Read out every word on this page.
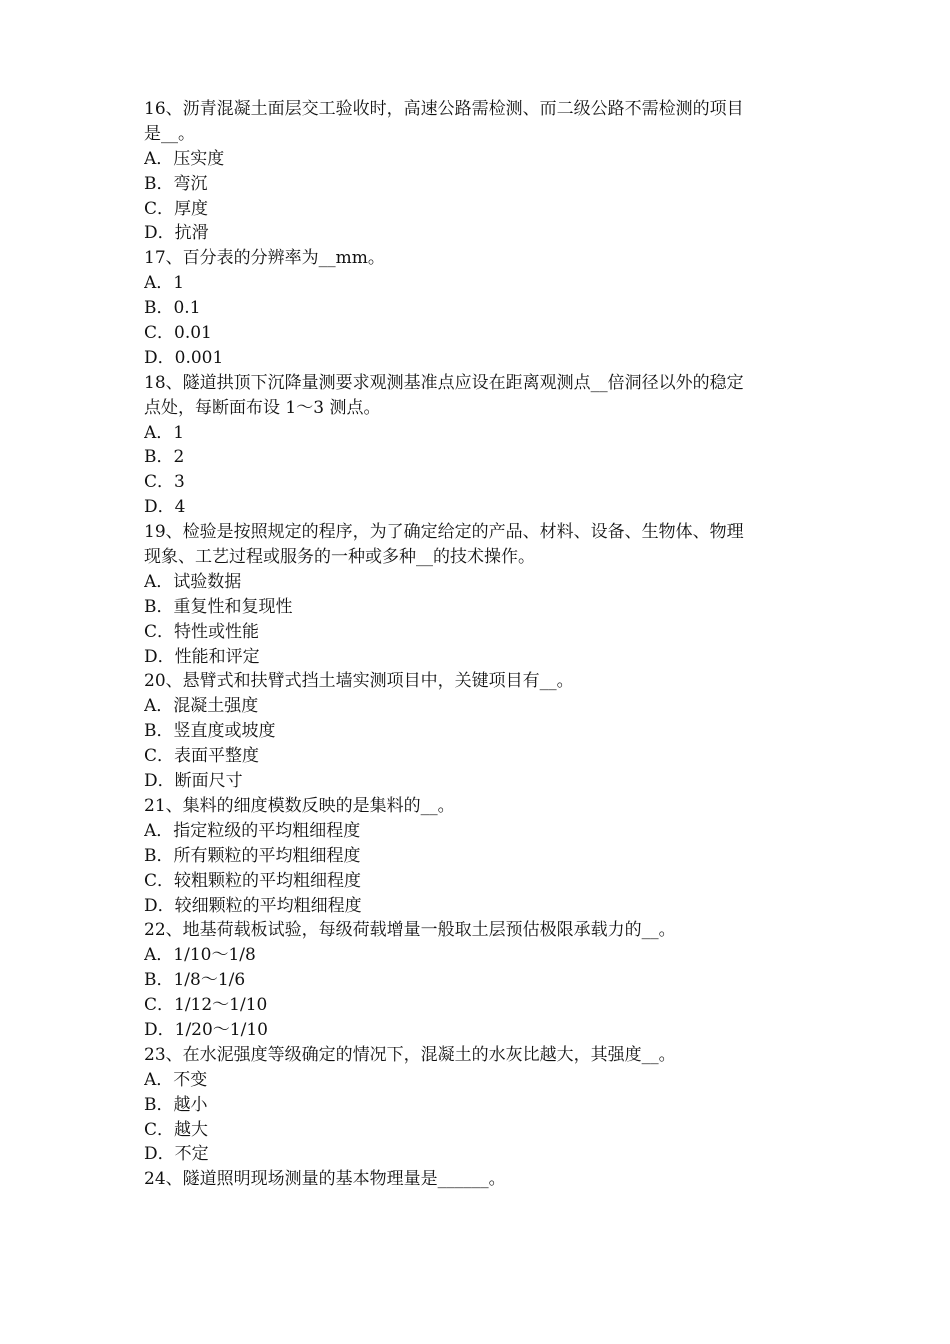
16、沥青混凝土面层交工验收时，高速公路需检测、而二级公路不需检测的项目
是__。
A．压实度
B．弯沉
C．厚度
D．抗滑
17、百分表的分辨率为__mm。
A．1
B．0.1
C．0.01
D．0.001
18、隧道拱顶下沉降量测要求观测基准点应设在距离观测点__倍洞径以外的稳定
点处，每断面布设 1～3 测点。
A．1
B．2
C．3
D．4
19、检验是按照规定的程序，为了确定给定的产品、材料、设备、生物体、物理
现象、工艺过程或服务的一种或多种__的技术操作。
A．试验数据
B．重复性和复现性
C．特性或性能
D．性能和评定
20、悬臂式和扶臂式挡土墙实测项目中，关键项目有__。
A．混凝土强度
B．竖直度或坡度
C．表面平整度
D．断面尺寸
21、集料的细度模数反映的是集料的__。
A．指定粒级的平均粗细程度
B．所有颗粒的平均粗细程度
C．较粗颗粒的平均粗细程度
D．较细颗粒的平均粗细程度
22、地基荷载板试验，每级荷载增量一般取土层预估极限承载力的__。
A．1/10～1/8
B．1/8～1/6
C．1/12～1/10
D．1/20～1/10
23、在水泥强度等级确定的情况下，混凝土的水灰比越大，其强度__。
A．不变
B．越小
C．越大
D．不定
24、隧道照明现场测量的基本物理量是______。
